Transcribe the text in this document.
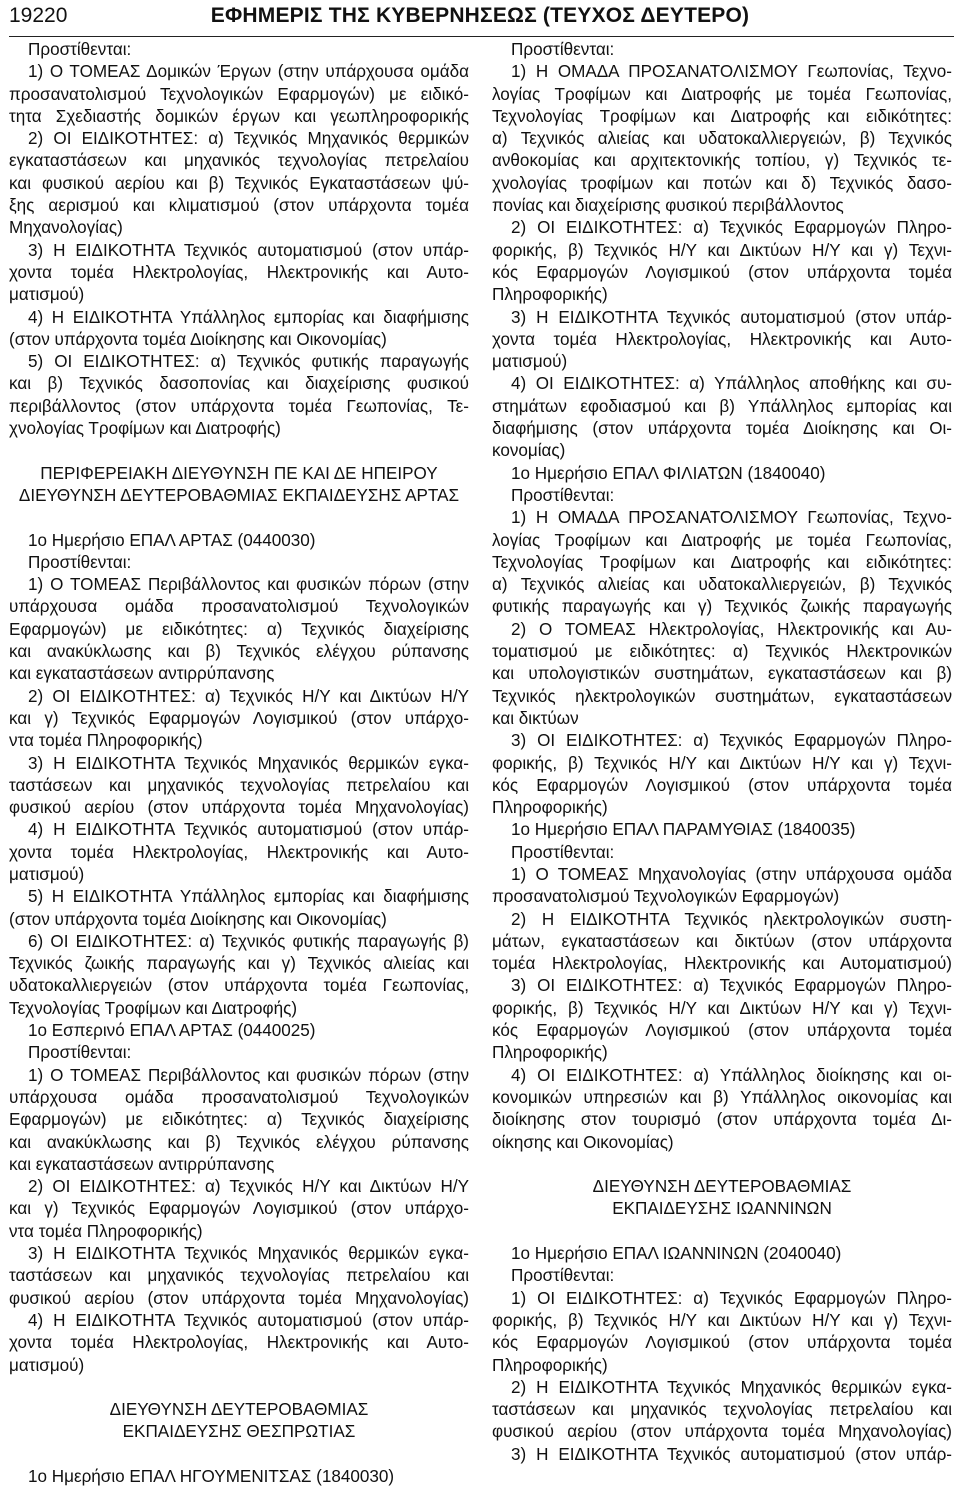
19220	ΕΦΗΜΕΡΙΣ ΤΗΣ ΚΥΒΕΡΝΗΣΕΩΣ (ΤΕΥΧΟΣ ΔΕΥΤΕΡΟ)
Προστίθενται:
1) Ο ΤΟΜΕΑΣ Δομικών Έργων (στην υπάρχουσα ομάδα
προσανατολισμού Τεχνολογικών Εφαρμογών) με ειδικό-
τητα Σχεδιαστής δομικών έργων και γεωπληροφορικής
2) ΟΙ ΕΙΔΙΚΟΤΗΤΕΣ: α) Τεχνικός Μηχανικός θερμικών
εγκαταστάσεων και μηχανικός τεχνολογίας πετρελαίου
και φυσικού αερίου και β) Τεχνικός Εγκαταστάσεων ψύ-
ξης αερισμού και κλιματισμού (στον υπάρχοντα τομέα
Μηχανολογίας)
3) Η ΕΙΔΙΚΟΤΗΤΑ Τεχνικός αυτοματισμού (στον υπάρ-
χοντα τομέα Ηλεκτρολογίας, Ηλεκτρονικής και Αυτο-
ματισμού)
4) Η ΕΙΔΙΚΟΤΗΤΑ Υπάλληλος εμπορίας και διαφήμισης
(στον υπάρχοντα τομέα Διοίκησης και Οικονομίας)
5) ΟΙ ΕΙΔΙΚΟΤΗΤΕΣ: α) Τεχνικός φυτικής παραγωγής
και β) Τεχνικός δασοπονίας και διαχείρισης φυσικού
περιβάλλοντος (στον υπάρχοντα τομέα Γεωπονίας, Τε-
χνολογίας Τροφίμων και Διατροφής)

ΠΕΡΙΦΕΡΕΙΑΚΗ ΔΙΕΥΘΥΝΣΗ ΠΕ ΚΑΙ ΔΕ ΗΠΕΙΡΟΥ
ΔΙΕΥΘΥΝΣΗ ΔΕΥΤΕΡΟΒΑΘΜΙΑΣ ΕΚΠΑΙΔΕΥΣΗΣ ΑΡΤΑΣ

1ο Ημερήσιο ΕΠΑΛ ΑΡΤΑΣ (0440030)
Προστίθενται:
1) Ο ΤΟΜΕΑΣ Περιβάλλοντος και φυσικών πόρων (στην
υπάρχουσα ομάδα προσανατολισμού Τεχνολογικών
Εφαρμογών) με ειδικότητες: α) Τεχνικός διαχείρισης
και ανακύκλωσης και β) Τεχνικός ελέγχου ρύπανσης
και εγκαταστάσεων αντιρρύπανσης
2) ΟΙ ΕΙΔΙΚΟΤΗΤΕΣ: α) Τεχνικός Η/Υ και Δικτύων Η/Υ
και γ) Τεχνικός Εφαρμογών Λογισμικού (στον υπάρχο-
ντα τομέα Πληροφορικής)
3) Η ΕΙΔΙΚΟΤΗΤΑ Τεχνικός Μηχανικός θερμικών εγκα-
ταστάσεων και μηχανικός τεχνολογίας πετρελαίου και
φυσικού αερίου (στον υπάρχοντα τομέα Μηχανολογίας)
4) Η ΕΙΔΙΚΟΤΗΤΑ Τεχνικός αυτοματισμού (στον υπάρ-
χοντα τομέα Ηλεκτρολογίας, Ηλεκτρονικής και Αυτο-
ματισμού)
5) Η ΕΙΔΙΚΟΤΗΤΑ Υπάλληλος εμπορίας και διαφήμισης
(στον υπάρχοντα τομέα Διοίκησης και Οικονομίας)
6) ΟΙ ΕΙΔΙΚΟΤΗΤΕΣ: α) Τεχνικός φυτικής παραγωγής β)
Τεχνικός ζωικής παραγωγής και γ) Τεχνικός αλιείας και
υδατοκαλλιεργειών (στον υπάρχοντα τομέα Γεωπονίας,
Τεχνολογίας Τροφίμων και Διατροφής)
1ο Εσπερινό ΕΠΑΛ ΑΡΤΑΣ (0440025)
Προστίθενται:
1) Ο ΤΟΜΕΑΣ Περιβάλλοντος και φυσικών πόρων (στην
υπάρχουσα ομάδα προσανατολισμού Τεχνολογικών
Εφαρμογών) με ειδικότητες: α) Τεχνικός διαχείρισης
και ανακύκλωσης και β) Τεχνικός ελέγχου ρύπανσης
και εγκαταστάσεων αντιρρύπανσης
2) ΟΙ ΕΙΔΙΚΟΤΗΤΕΣ: α) Τεχνικός Η/Υ και Δικτύων Η/Υ
και γ) Τεχνικός Εφαρμογών Λογισμικού (στον υπάρχο-
ντα τομέα Πληροφορικής)
3) Η ΕΙΔΙΚΟΤΗΤΑ Τεχνικός Μηχανικός θερμικών εγκα-
ταστάσεων και μηχανικός τεχνολογίας πετρελαίου και
φυσικού αερίου (στον υπάρχοντα τομέα Μηχανολογίας)
4) Η ΕΙΔΙΚΟΤΗΤΑ Τεχνικός αυτοματισμού (στον υπάρ-
χοντα τομέα Ηλεκτρολογίας, Ηλεκτρονικής και Αυτο-
ματισμού)

ΔΙΕΥΘΥΝΣΗ ΔΕΥΤΕΡΟΒΑΘΜΙΑΣ
ΕΚΠΑΙΔΕΥΣΗΣ ΘΕΣΠΡΩΤΙΑΣ

1ο Ημερήσιο ΕΠΑΛ ΗΓΟΥΜΕΝΙΤΣΑΣ (1840030)
Προστίθενται:
1) Η ΟΜΑΔΑ ΠΡΟΣΑΝΑΤΟΛΙΣΜΟΥ Γεωπονίας, Τεχνο-
λογίας Τροφίμων και Διατροφής με τομέα Γεωπονίας,
Τεχνολογίας Τροφίμων και Διατροφής και ειδικότητες:
α) Τεχνικός αλιείας και υδατοκαλλιεργειών, β) Τεχνικός
ανθοκομίας και αρχιτεκτονικής τοπίου, γ) Τεχνικός τε-
χνολογίας τροφίμων και ποτών και δ) Τεχνικός δασο-
πονίας και διαχείρισης φυσικού περιβάλλοντος
2) ΟΙ ΕΙΔΙΚΟΤΗΤΕΣ: α) Τεχνικός Εφαρμογών Πληρο-
φορικής, β) Τεχνικός Η/Υ και Δικτύων Η/Υ και γ) Τεχνι-
κός Εφαρμογών Λογισμικού (στον υπάρχοντα τομέα
Πληροφορικής)
3) Η ΕΙΔΙΚΟΤΗΤΑ Τεχνικός αυτοματισμού (στον υπάρ-
χοντα τομέα Ηλεκτρολογίας, Ηλεκτρονικής και Αυτο-
ματισμού)
4) ΟΙ ΕΙΔΙΚΟΤΗΤΕΣ: α) Υπάλληλος αποθήκης και συ-
στημάτων εφοδιασμού και β) Υπάλληλος εμπορίας και
διαφήμισης (στον υπάρχοντα τομέα Διοίκησης και Οι-
κονομίας)
1ο Ημερήσιο ΕΠΑΛ ΦΙΛΙΑΤΩΝ (1840040)
Προστίθενται:
1) Η ΟΜΑΔΑ ΠΡΟΣΑΝΑΤΟΛΙΣΜΟΥ Γεωπονίας, Τεχνο-
λογίας Τροφίμων και Διατροφής με τομέα Γεωπονίας,
Τεχνολογίας Τροφίμων και Διατροφής και ειδικότητες:
α) Τεχνικός αλιείας και υδατοκαλλιεργειών, β) Τεχνικός
φυτικής παραγωγής και γ) Τεχνικός ζωικής παραγωγής
2) Ο ΤΟΜΕΑΣ Ηλεκτρολογίας, Ηλεκτρονικής και Αυ-
τοματισμού με ειδικότητες: α) Τεχνικός Ηλεκτρονικών
και υπολογιστικών συστημάτων, εγκαταστάσεων και β)
Τεχνικός ηλεκτρολογικών συστημάτων, εγκαταστάσεων
και δικτύων
3) ΟΙ ΕΙΔΙΚΟΤΗΤΕΣ: α) Τεχνικός Εφαρμογών Πληρο-
φορικής, β) Τεχνικός Η/Υ και Δικτύων Η/Υ και γ) Τεχνι-
κός Εφαρμογών Λογισμικού (στον υπάρχοντα τομέα
Πληροφορικής)
1ο Ημερήσιο ΕΠΑΛ ΠΑΡΑΜΥΘΙΑΣ (1840035)
Προστίθενται:
1) Ο ΤΟΜΕΑΣ Μηχανολογίας (στην υπάρχουσα ομάδα
προσανατολισμού Τεχνολογικών Εφαρμογών)
2) Η ΕΙΔΙΚΟΤΗΤΑ Τεχνικός ηλεκτρολογικών συστη-
μάτων, εγκαταστάσεων και δικτύων (στον υπάρχοντα
τομέα Ηλεκτρολογίας, Ηλεκτρονικής και Αυτοματισμού)
3) ΟΙ ΕΙΔΙΚΟΤΗΤΕΣ: α) Τεχνικός Εφαρμογών Πληρο-
φορικής, β) Τεχνικός Η/Υ και Δικτύων Η/Υ και γ) Τεχνι-
κός Εφαρμογών Λογισμικού (στον υπάρχοντα τομέα
Πληροφορικής)
4) ΟΙ ΕΙΔΙΚΟΤΗΤΕΣ: α) Υπάλληλος διοίκησης και οι-
κονομικών υπηρεσιών και β) Υπάλληλος οικονομίας και
διοίκησης στον τουρισμό (στον υπάρχοντα τομέα Δι-
οίκησης και Οικονομίας)

ΔΙΕΥΘΥΝΣΗ ΔΕΥΤΕΡΟΒΑΘΜΙΑΣ
ΕΚΠΑΙΔΕΥΣΗΣ ΙΩΑΝΝΙΝΩΝ

1ο Ημερήσιο ΕΠΑΛ ΙΩΑΝΝΙΝΩΝ (2040040)
Προστίθενται:
1) ΟΙ ΕΙΔΙΚΟΤΗΤΕΣ: α) Τεχνικός Εφαρμογών Πληρο-
φορικής, β) Τεχνικός Η/Υ και Δικτύων Η/Υ και γ) Τεχνι-
κός Εφαρμογών Λογισμικού (στον υπάρχοντα τομέα
Πληροφορικής)
2) Η ΕΙΔΙΚΟΤΗΤΑ Τεχνικός Μηχανικός θερμικών εγκα-
ταστάσεων και μηχανικός τεχνολογίας πετρελαίου και
φυσικού αερίου (στον υπάρχοντα τομέα Μηχανολογίας)
3) Η ΕΙΔΙΚΟΤΗΤΑ Τεχνικός αυτοματισμού (στον υπάρ-
